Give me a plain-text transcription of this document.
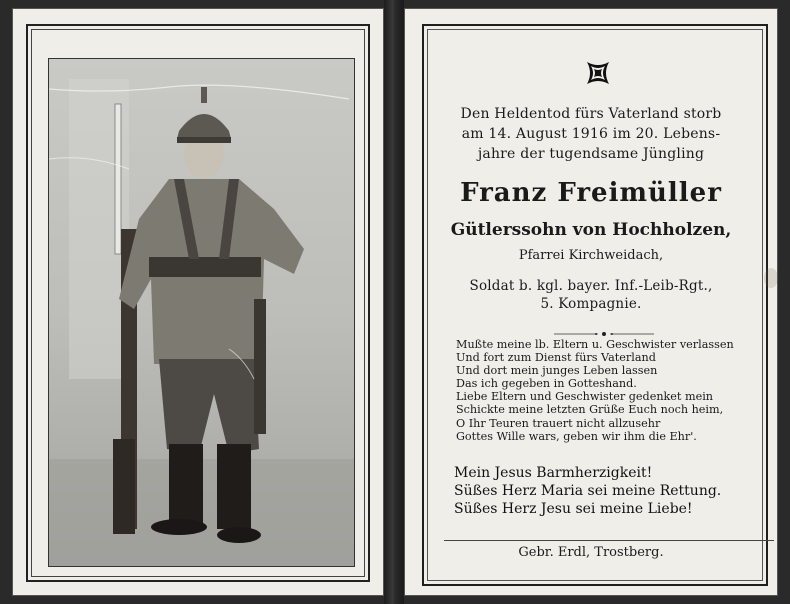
Den Heldentod fürs Vaterland storb
am 14. August 1916 im 20. Lebens-
jahre der tugendsame Jüngling
Franz Freimüller
Gütlerssohn von Hochholzen,
Pfarrei Kirchweidach,
Soldat b. kgl. bayer. Inf.-Leib-Rgt.,
5. Kompagnie.
Mußte meine lb. Eltern u. Geschwister verlassen
Und fort zum Dienst fürs Vaterland
Und dort mein junges Leben lassen
Das ich gegeben in Gotteshand.
Liebe Eltern und Geschwister gedenket mein
Schickte meine letzten Grüße Euch noch heim,
O Ihr Teuren trauert nicht allzusehr
Gottes Wille wars, geben wir ihm die Ehr'.
Mein Jesus Barmherzigkeit!
Süßes Herz Maria sei meine Rettung.
Süßes Herz Jesu sei meine Liebe!
Gebr. Erdl, Trostberg.
